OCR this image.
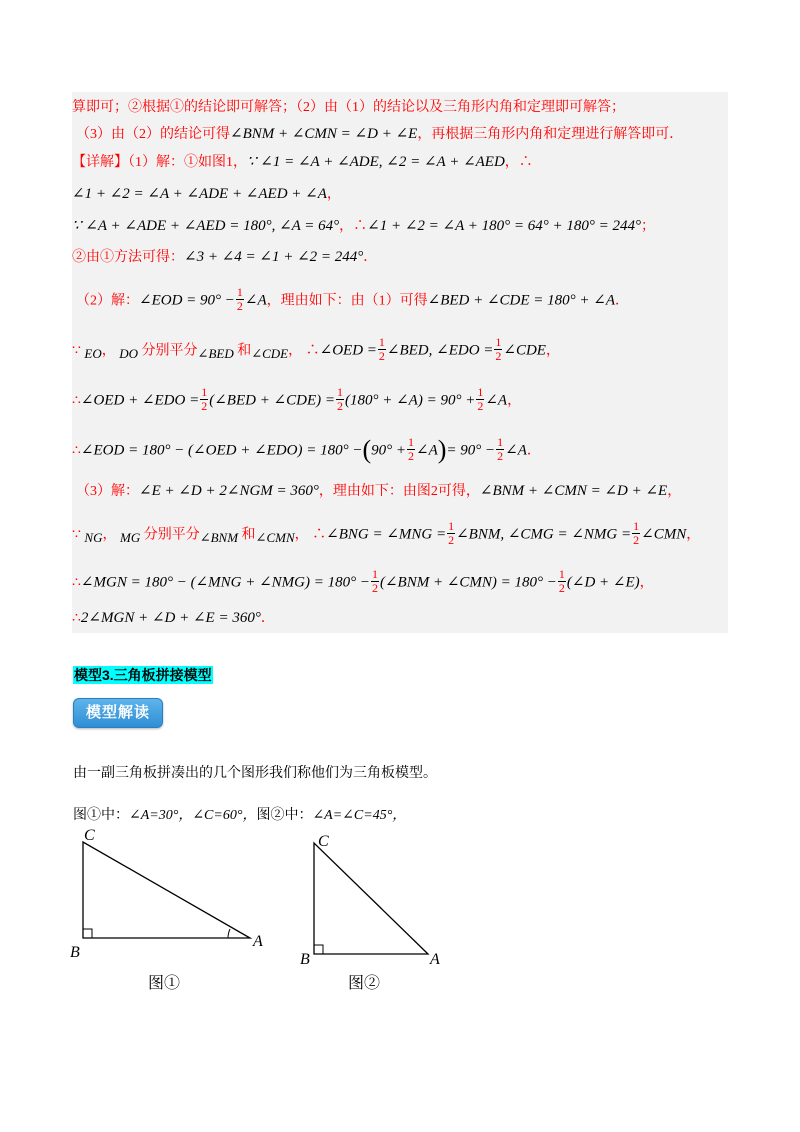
算即可；②根据①的结论即可解答；（2）由（1）的结论以及三角形内角和定理即可解答；
（3）由（2）的结论可得∠BNM + ∠CMN = ∠D + ∠E，再根据三角形内角和定理进行解答即可．
【详解】（1）解：①如图1，∵ ∠1 = ∠A + ∠ADE, ∠2 = ∠A + ∠AED，∴
∠1 + ∠2 = ∠A + ∠ADE + ∠AED + ∠A，
∵ ∠A + ∠ADE + ∠AED = 180°, ∠A = 64°，∴∠1 + ∠2 = ∠A + 180° = 64° + 180° = 244°；
②由①方法可得：∠3 + ∠4 = ∠1 + ∠2 = 244°．
（2）解：∠EOD = $90^\circ - \frac{1}{2}$ ∠A，理由如下：由（1）可得∠BED + ∠CDE = 180° + ∠A．
∵ EO， DO 分别平分∠BED 和∠CDE， ∴∠OED = $\frac{1}{2}$ ∠BED, ∠EDO = $\frac{1}{2}$ ∠CDE，
∴∠OED + ∠EDO = $\frac{1}{2}$ (∠BED + ∠CDE) = $\frac{1}{2} (180^\circ$ + ∠A) = $90^\circ + \frac{1}{2}$ ∠A，
∴∠EOD = 180° − (∠OED + ∠EDO) = $180^\circ -(90^\circ + \frac{1}{2}$ ∠A)= $90^\circ - \frac{1}{2}$ ∠A．
（3）解：∠E + ∠D + 2∠NGM = 360°，理由如下：由图2可得，∠BNM + ∠CMN = ∠D + ∠E，
∵ NG， MG 分别平分∠BNM 和∠CMN， ∴∠BNG = ∠MNG = $\frac{1}{2}$ ∠BNM, ∠CMG = ∠NMG = $\frac{1}{2}$ ∠CMN，
∴∠MGN = 180° − (∠MNG + ∠NMG) = $180^\circ - \frac{1}{2}$ (∠BNM + ∠CMN) = $180^\circ - \frac{1}{2}$ (∠D + ∠E)，
∴2∠MGN + ∠D + ∠E = 360°．
模型3.三角板拼接模型
模型解读
由一副三角板拼凑出的几个图形我们称他们为三角板模型。
图①中：∠A=30°，∠C=60°，图②中：∠A=∠C=45°，
C
B
A
图①
C
B	A
图②
